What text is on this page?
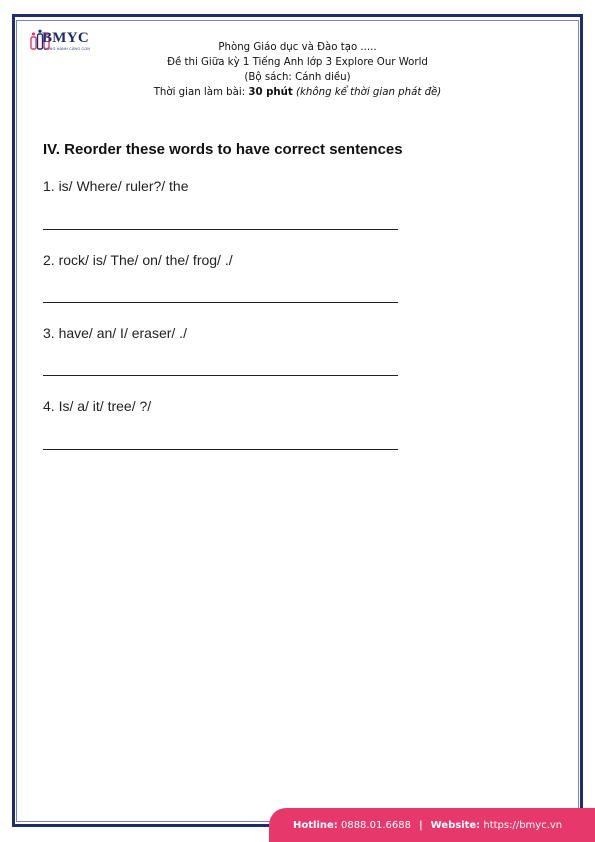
BMYC
ĐỒNG HÀNH CÙNG CON	Phòng Giáo dục và Đào tạo .....
Đề thi Giữa kỳ 1 Tiếng Anh lớp 3 Explore Our World
(Bộ sách: Cánh diều)
Thời gian làm bài: 30 phút (không kể thời gian phát đề)
IV. Reorder these words to have correct sentences
1. is/ Where/ ruler?/ the
2. rock/ is/ The/ on/ the/ frog/ ./
3. have/ an/ I/ eraser/ ./
4. Is/ a/ it/ tree/ ?/
Hotline:
0888.01.6688 | Website:
https://bmyc.vn
